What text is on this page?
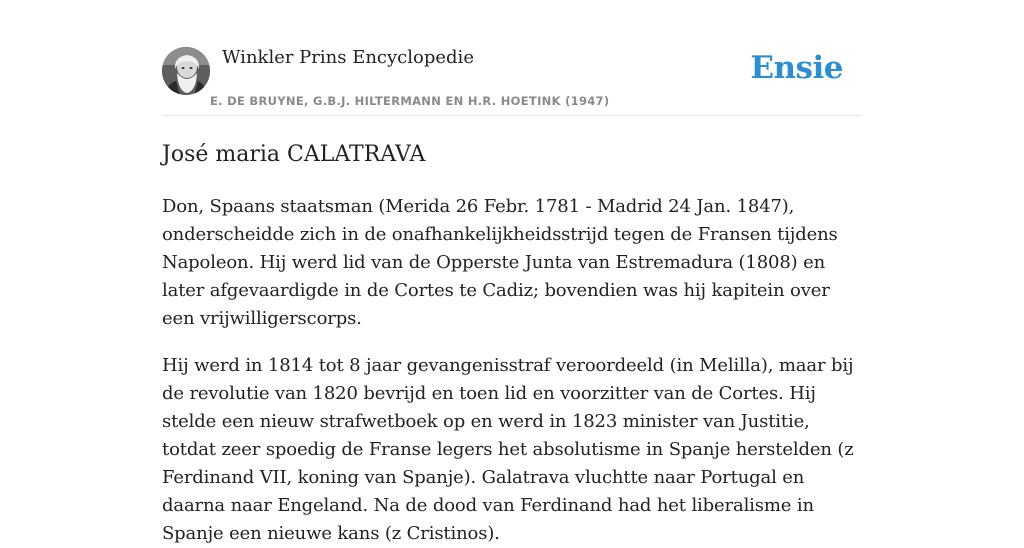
Winkler Prins Encyclopedie
E. DE BRUYNE, G.B.J. HILTERMANN EN H.R. HOETINK (1947)
Ensie
José maria CALATRAVA

Don, Spaans staatsman (Merida 26 Febr. 1781 - Madrid 24 Jan. 1847), onderscheidde zich in de onafhankelijkheidsstrijd tegen de Fransen tijdens Napoleon. Hij werd lid van de Opperste Junta van Estremadura (1808) en later afgevaardigde in de Cortes te Cadiz; bovendien was hij kapitein over een vrijwilligerscorps.

Hij werd in 1814 tot 8 jaar gevangenisstraf veroordeeld (in Melilla), maar bij de revolutie van 1820 bevrijd en toen lid en voorzitter van de Cortes. Hij stelde een nieuw strafwetboek op en werd in 1823 minister van Justitie, totdat zeer spoedig de Franse legers het absolutisme in Spanje herstelden (z Ferdinand VII, koning van Spanje). Galatrava vluchtte naar Portugal en daarna naar Engeland. Na de dood van Ferdinand had het liberalisme in Spanje een nieuwe kans (z Cristinos).
